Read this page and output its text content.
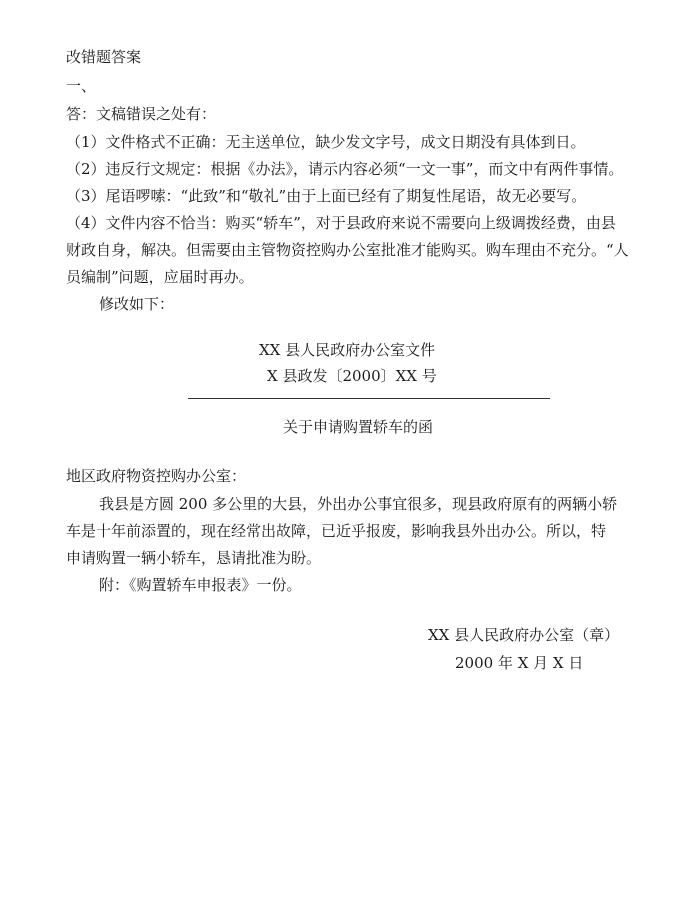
改错题答案
一、
答：文稿错误之处有：
（1）文件格式不正确：无主送单位，缺少发文字号，成文日期没有具体到日。
（2）违反行文规定：根据《办法》，请示内容必须“一文一事”，而文中有两件事情。
（3）尾语啰嗦：“此致”和“敬礼”由于上面已经有了期复性尾语，故无必要写。
（4）文件内容不恰当：购买“轿车”，对于县政府来说不需要向上级调拨经费，由县
财政自身，解决。但需要由主管物资控购办公室批准才能购买。购车理由不充分。“人
员编制”问题，应届时再办。
修改如下：
XX 县人民政府办公室文件
X 县政发〔2000〕XX 号
关于申请购置轿车的函
地区政府物资控购办公室：
我县是方圆 200 多公里的大县，外出办公事宜很多，现县政府原有的两辆小轿
车是十年前添置的，现在经常出故障，已近乎报废，影响我县外出办公。所以，特
申请购置一辆小轿车，恳请批准为盼。
附：《购置轿车申报表》一份。
XX 县人民政府办公室（章）
2000 年 X 月 X 日
